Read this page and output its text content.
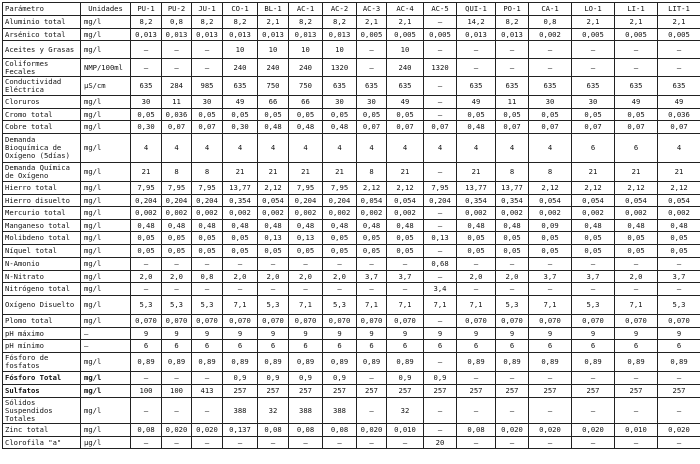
Parámetro	Unidades	PU-1	PU-2	JU-1	CO-1	BL-1	AC-1	AC-2	AC-3	AC-4	AC-5	QUI-1	PO-1	CA-1	LO-1	LI-1	LIT-1
Aluminio total	mg/l	8,2	0,8	8,2	8,2	2,1	8,2	8,2	2,1	2,1	–	14,2	8,2	0,8	2,1	2,1	2,1
Arsénico total	mg/l	0,013	0,013	0,013	0,013	0,013	0,013	0,013	0,005	0,005	0,005	0,013	0,013	0,002	0,005	0,005	0,005
Aceites y Grasas	mg/l	–	–	–	10	10	10	10	–	10	–	–	–	–	–	–	–
Coliformes Fecales	NMP/100ml	–	–	–	240	240	240	1320	–	240	1320	–	–	–	–	–	–
Conductividad Eléctrica	µS/cm	635	284	985	635	750	750	635	635	635	–	635	635	635	635	635	635
Cloruros	mg/l	30	11	30	49	66	66	30	30	49	–	49	11	30	30	49	49
Cromo total	mg/l	0,05	0,036	0,05	0,05	0,05	0,05	0,05	0,05	0,05	–	0,05	0,05	0,05	0,05	0,05	0,036
Cobre total	mg/l	0,30	0,07	0,07	0,30	0,48	0,48	0,48	0,07	0,07	0,07	0,48	0,07	0,07	0,07	0,07	0,07
Demanda Bioquímica de Oxígeno (5días)	mg/l	4	4	4	4	4	4	4	4	4	4	4	4	4	6	6	4
Demanda Química de Oxígeno	mg/l	21	8	8	21	21	21	21	8	21	–	21	8	8	21	21	21
Hierro total	mg/l	7,95	7,95	7,95	13,77	2,12	7,95	7,95	2,12	2,12	7,95	13,77	13,77	2,12	2,12	2,12	2,12
Hierro disuelto	mg/l	0,204	0,204	0,204	0,354	0,054	0,204	0,204	0,054	0,054	0,204	0,354	0,354	0,054	0,054	0,054	0,054
Mercurio total	mg/l	0,002	0,002	0,002	0,002	0,002	0,002	0,002	0,002	0,002	–	0,002	0,002	0,002	0,002	0,002	0,002
Manganeso total	mg/l	0,48	0,48	0,48	0,48	0,48	0,48	0,48	0,48	0,48	–	0,48	0,48	0,09	0,48	0,48	0,48
Molibdeno total	mg/l	0,05	0,05	0,05	0,05	0,13	0,13	0,05	0,05	0,05	0,13	0,05	0,05	0,05	0,05	0,05	0,05
Níquel total	mg/l	0,05	0,05	0,05	0,05	0,05	0,05	0,05	0,05	0,05	–	0,05	0,05	0,05	0,05	0,05	0,05
N-Amonio	mg/l	–	–	–	–	–	–	–	–	–	0,68	–	–	–	–	–	–
N-Nitrato	mg/l	2,0	2,0	0,8	2,0	2,0	2,0	2,0	3,7	3,7	–	2,0	2,0	3,7	3,7	2,0	3,7
Nitrógeno total	mg/l	–	–	–	–	–	–	–	–	–	3,4	–	–	–	–	–	–
Oxígeno Disuelto	mg/l	5,3	5,3	5,3	7,1	5,3	7,1	5,3	7,1	7,1	7,1	7,1	5,3	7,1	5,3	7,1	5,3
Plomo total	mg/l	0,070	0,070	0,070	0,070	0,070	0,070	0,070	0,070	0,070	–	0,070	0,070	0,070	0,070	0,070	0,070
pH máximo	–	9	9	9	9	9	9	9	9	9	9	9	9	9	9	9	9
pH mínimo	–	6	6	6	6	6	6	6	6	6	6	6	6	6	6	6	6
Fósforo de fosfatos	mg/l	0,89	0,89	0,89	0,89	0,89	0,89	0,89	0,89	0,89	–	0,89	0,89	0,89	0,89	0,89	0,89
Fósforo Total	mg/l	–	–	–	0,9	0,9	0,9	0,9	–	0,9	0,9	–	–	–	–	–	–
Sulfatos	mg/l	100	100	413	257	257	257	257	257	257	257	257	257	257	257	257	257
Sólidos Suspendidos Totales	mg/l	–	–	–	388	32	388	388	–	32	–	–	–	–	–	–	–
Zinc total	mg/l	0,08	0,020	0,020	0,137	0,08	0,08	0,08	0,020	0,010	–	0,08	0,020	0,020	0,020	0,010	0,020
Clorofila "a"	µg/l	–	–	–	–	–	–	–	–	–	20	–	–	–	–	–	–
